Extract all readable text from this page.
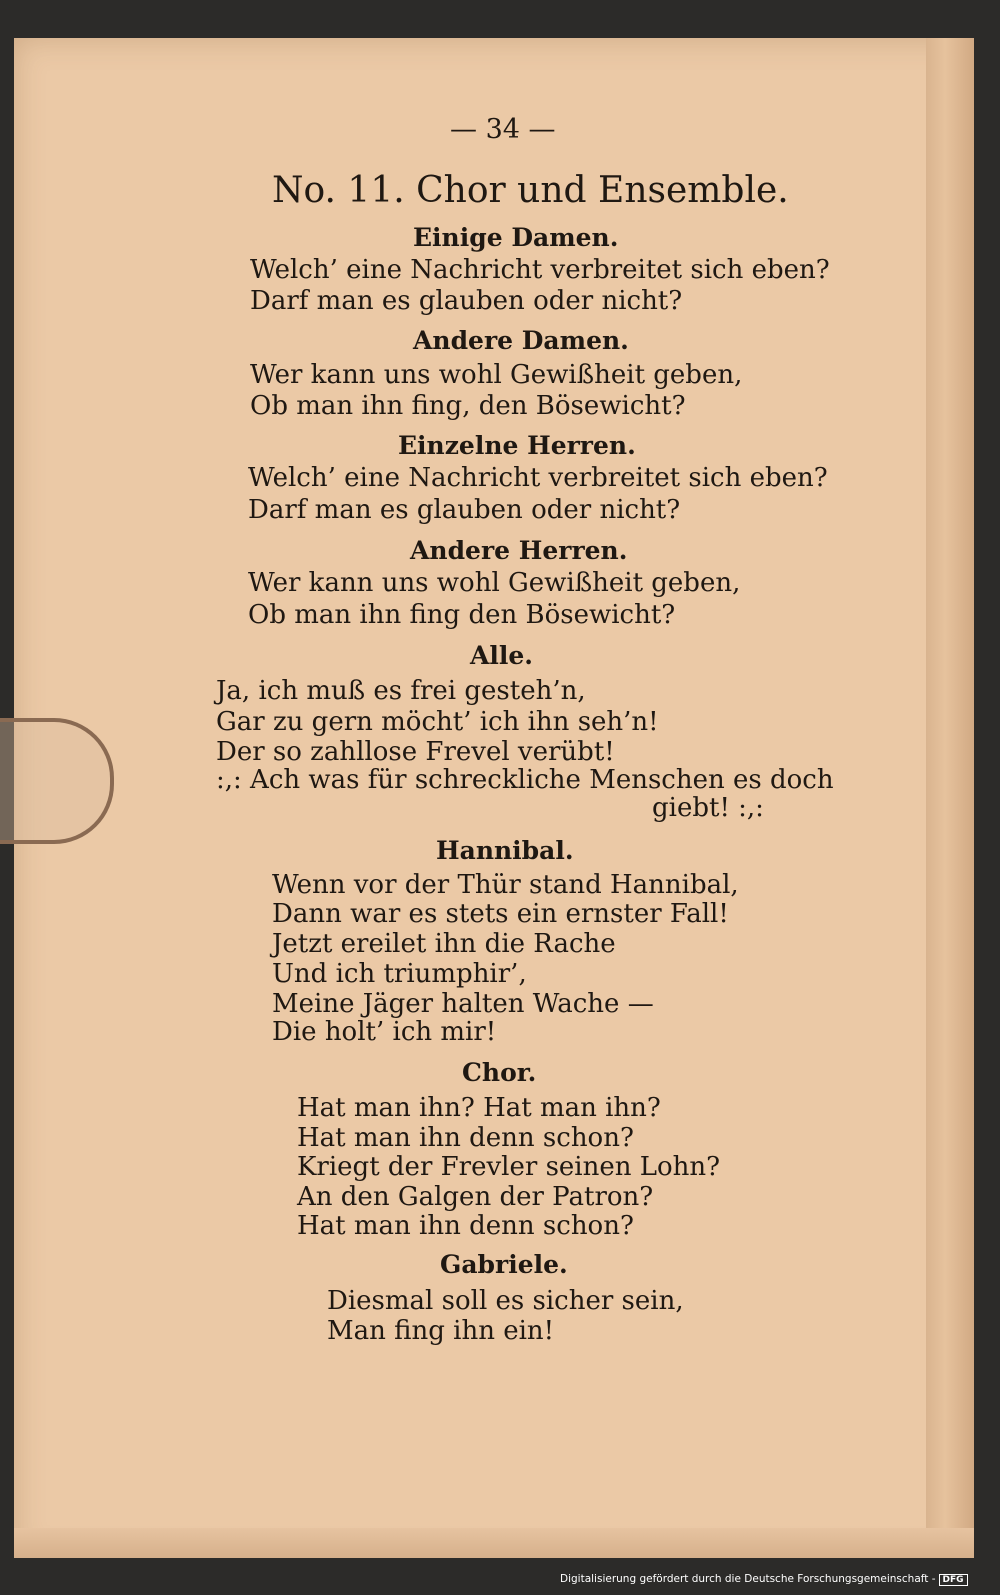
— 34 —
No. 11. Chor und Ensemble.
Einige Damen.
Welch’ eine Nachricht verbreitet sich eben?
Darf man es glauben oder nicht?
Andere Damen.
Wer kann uns wohl Gewißheit geben,
Ob man ihn fing, den Bösewicht?
Einzelne Herren.
Welch’ eine Nachricht verbreitet sich eben?
Darf man es glauben oder nicht?
Andere Herren.
Wer kann uns wohl Gewißheit geben,
Ob man ihn fing den Bösewicht?
Alle.
Ja, ich muß es frei gesteh’n,
Gar zu gern möcht’ ich ihn seh’n!
Der so zahllose Frevel verübt!
:,: Ach was für schreckliche Menschen es doch
giebt! :,:
Hannibal.
Wenn vor der Thür stand Hannibal,
Dann war es stets ein ernster Fall!
Jetzt ereilet ihn die Rache
Und ich triumphir’,
Meine Jäger halten Wache —
Die holt’ ich mir!
Chor.
Hat man ihn? Hat man ihn?
Hat man ihn denn schon?
Kriegt der Frevler seinen Lohn?
An den Galgen der Patron?
Hat man ihn denn schon?
Gabriele.
Diesmal soll es sicher sein,
Man fing ihn ein!
Digitalisierung gefördert durch die Deutsche Forschungsgemeinschaft - DFG
